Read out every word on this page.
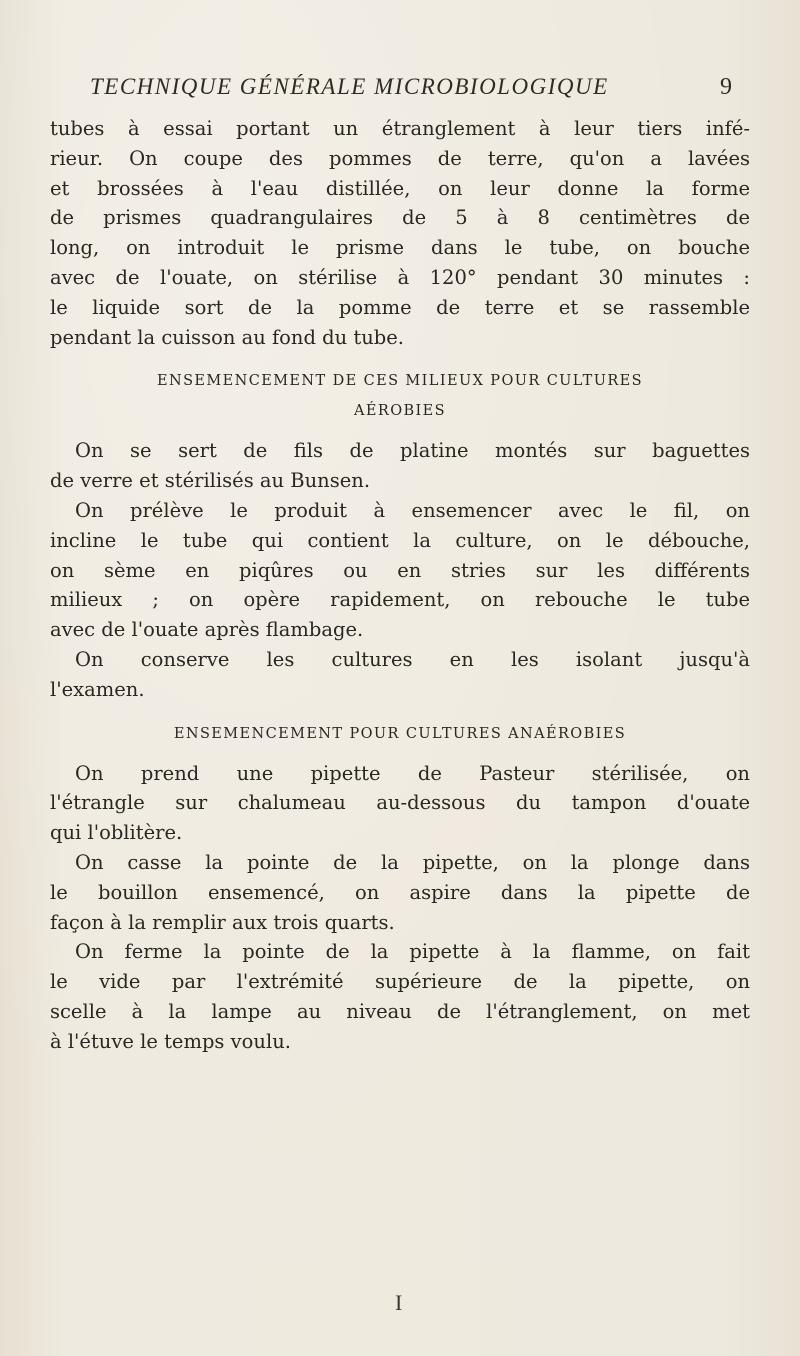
TECHNIQUE GÉNÉRALE MICROBIOLOGIQUE	9
tubes à essai portant un étranglement à leur tiers infé-
rieur. On coupe des pommes de terre, qu'on a lavées
et brossées à l'eau distillée, on leur donne la forme
de prismes quadrangulaires de 5 à 8 centimètres de
long, on introduit le prisme dans le tube, on bouche
avec de l'ouate, on stérilise à 120° pendant 30 minutes :
le liquide sort de la pomme de terre et se rassemble
pendant la cuisson au fond du tube.
ENSEMENCEMENT DE CES MILIEUX POUR CULTURES
AÉROBIES
On se sert de fils de platine montés sur baguettes
de verre et stérilisés au Bunsen.
On prélève le produit à ensemencer avec le fil, on
incline le tube qui contient la culture, on le débouche,
on sème en piqûres ou en stries sur les différents
milieux ; on opère rapidement, on rebouche le tube
avec de l'ouate après flambage.
On conserve les cultures en les isolant jusqu'à
l'examen.
ENSEMENCEMENT POUR CULTURES ANAÉROBIES
On prend une pipette de Pasteur stérilisée, on
l'étrangle sur chalumeau au-dessous du tampon d'ouate
qui l'oblitère.
On casse la pointe de la pipette, on la plonge dans
le bouillon ensemencé, on aspire dans la pipette de
façon à la remplir aux trois quarts.
On ferme la pointe de la pipette à la flamme, on fait
le vide par l'extrémité supérieure de la pipette, on
scelle à la lampe au niveau de l'étranglement, on met
à l'étuve le temps voulu.
I
